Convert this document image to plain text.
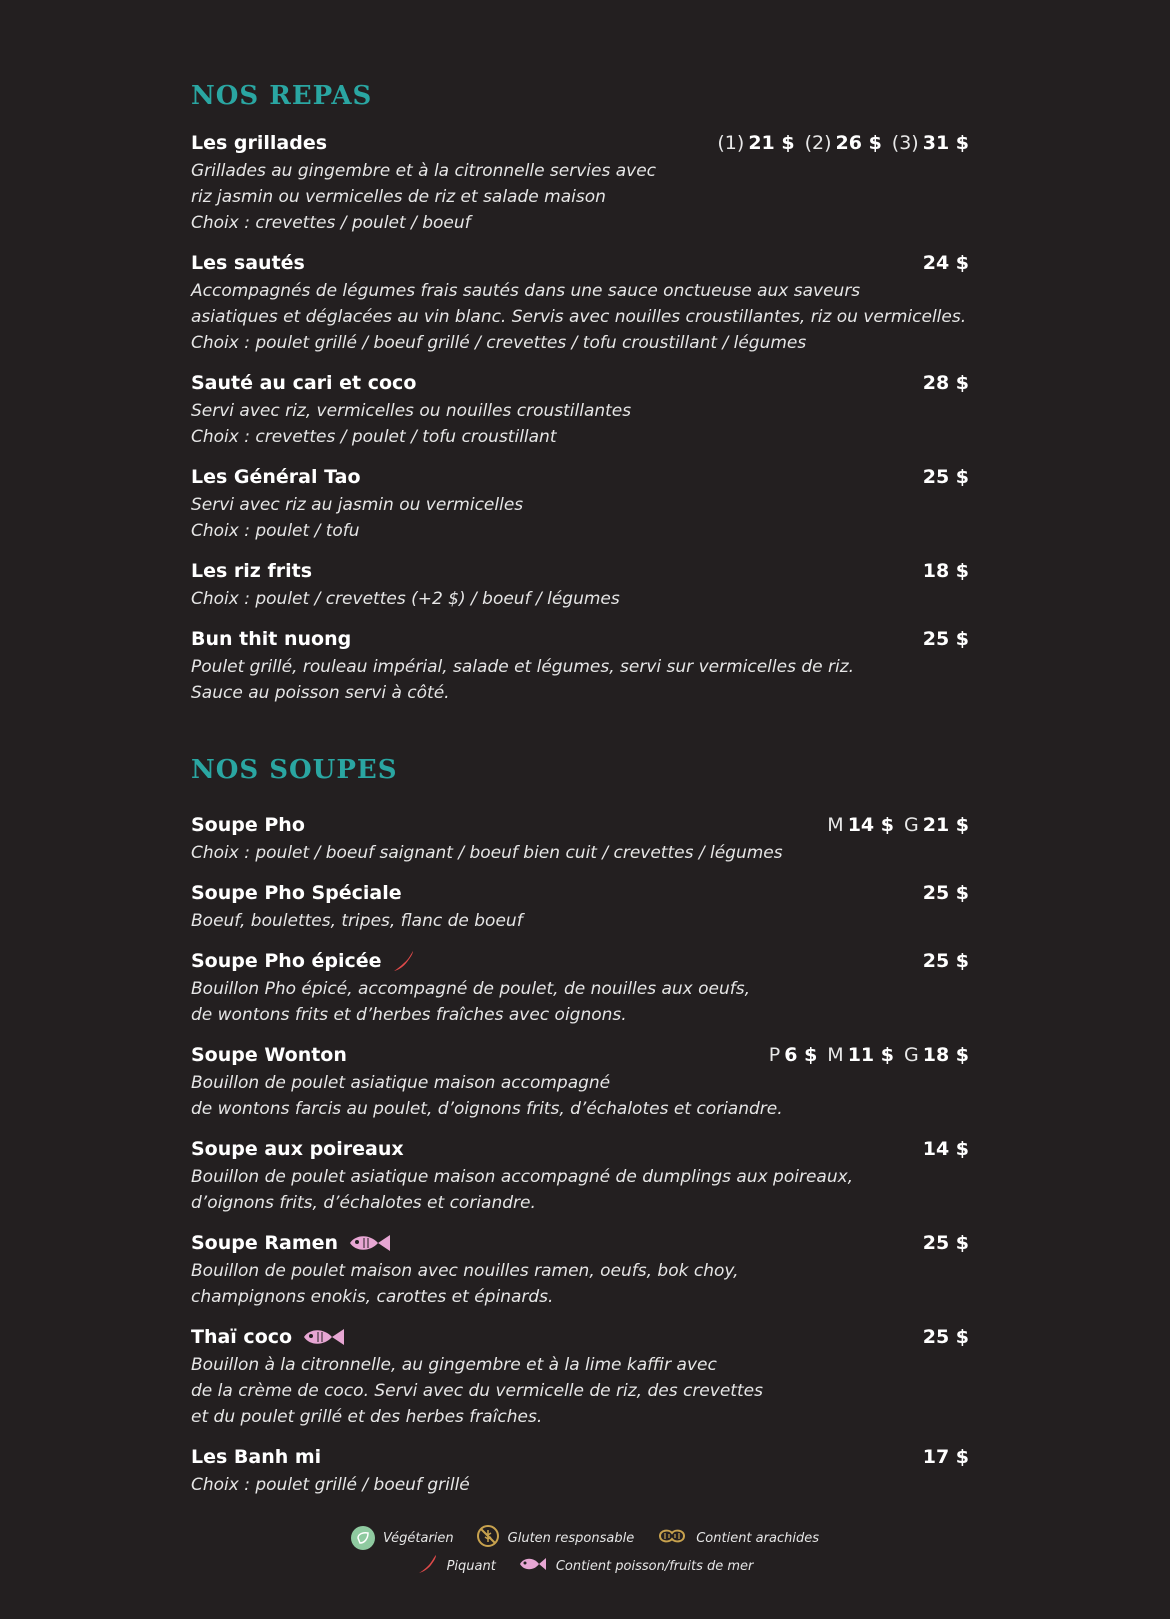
NOS REPAS
Les grillades	(1) 21 $ (2) 26 $ (3) 31 $
Grillades au gingembre et à la citronnelle servies avec
riz jasmin ou vermicelles de riz et salade maison
Choix : crevettes / poulet / boeuf
Les sautés	24 $
Accompagnés de légumes frais sautés dans une sauce onctueuse aux saveurs
asiatiques et déglacées au vin blanc. Servis avec nouilles croustillantes, riz ou vermicelles.
Choix : poulet grillé / boeuf grillé / crevettes / tofu croustillant / légumes
Sauté au cari et coco	28 $
Servi avec riz, vermicelles ou nouilles croustillantes
Choix : crevettes / poulet / tofu croustillant
Les Général Tao	25 $
Servi avec riz au jasmin ou vermicelles
Choix : poulet / tofu
Les riz frits	18 $
Choix : poulet / crevettes (+2 $) / boeuf / légumes
Bun thit nuong	25 $
Poulet grillé, rouleau impérial, salade et légumes, servi sur vermicelles de riz.
Sauce au poisson servi à côté.
NOS SOUPES
Soupe Pho	M 14 $ G 21 $
Choix : poulet / boeuf saignant / boeuf bien cuit / crevettes / légumes
Soupe Pho Spéciale	25 $
Boeuf, boulettes, tripes, flanc de boeuf
Soupe Pho épicée	25 $
Bouillon Pho épicé, accompagné de poulet, de nouilles aux oeufs,
de wontons frits et d’herbes fraîches avec oignons.
Soupe Wonton	P 6 $ M 11 $ G 18 $
Bouillon de poulet asiatique maison accompagné
de wontons farcis au poulet, d’oignons frits, d’échalotes et coriandre.
Soupe aux poireaux	14 $
Bouillon de poulet asiatique maison accompagné de dumplings aux poireaux,
d’oignons frits, d’échalotes et coriandre.
Soupe Ramen	25 $
Bouillon de poulet maison avec nouilles ramen, oeufs, bok choy,
champignons enokis, carottes et épinards.
Thaï coco	25 $
Bouillon à la citronnelle, au gingembre et à la lime kaffir avec
de la crème de coco. Servi avec du vermicelle de riz, des crevettes
et du poulet grillé et des herbes fraîches.
Les Banh mi	17 $
Choix : poulet grillé / boeuf grillé
Végétarien	Gluten responsable	Contient arachides
Piquant	Contient poisson/fruits de mer
